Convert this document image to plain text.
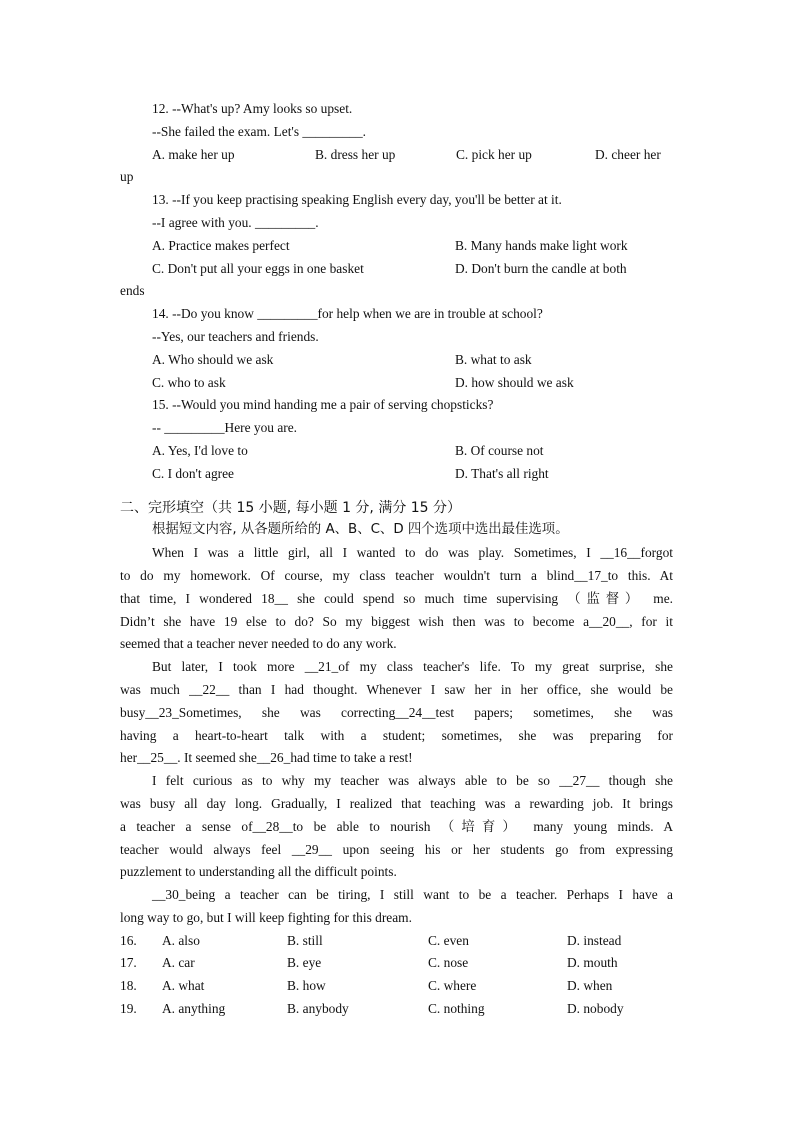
12. --What's up? Amy looks so upset.
--She failed the exam. Let's _________.
A. make her up	B. dress her up	C. pick her up	D. cheer her
up
13. --If you keep practising speaking English every day, you'll be better at it.
--I agree with you. _________.
A. Practice makes perfect	B. Many hands make light work
C. Don't put all your eggs in one basket	D. Don't burn the candle at both
ends
14. --Do you know _________for help when we are in trouble at school?
--Yes, our teachers and friends.
A. Who should we ask	B. what to ask
C. who to ask	D. how should we ask
15. --Would you mind handing me a pair of serving chopsticks?
-- _________Here you are.
A. Yes, I'd love to	B. Of course not
C. I don't agree	D. That's all right
二、完形填空（共 15 小题, 每小题 1 分, 满分 15 分）
根据短文内容, 从各题所给的 A、B、C、D 四个选项中选出最佳选项。
When I was a little girl, all I wanted to do was play. Sometimes, I __16__forgot
to do my homework. Of course, my class teacher wouldn't turn a blind__17_to this. At
that time, I wondered 18__ she could spend so much time supervising （监督） me.
Didn’t she have 19 else to do? So my biggest wish then was to become a__20__, for it
seemed that a teacher never needed to do any work.
But later, I took more __21_of my class teacher's life. To my great surprise, she
was much __22__ than I had thought. Whenever I saw her in her office, she would be
busy__23_Sometimes, she was correcting__24__test papers; sometimes, she was
having a heart-to-heart talk with a student; sometimes, she was preparing for
her__25__. It seemed she__26_had time to take a rest!
I felt curious as to why my teacher was always able to be so __27__ though she
was busy all day long. Gradually, I realized that teaching was a rewarding job. It brings
a teacher a sense of__28__to be able to nourish （培育） many young minds. A
teacher would always feel __29__ upon seeing his or her students go from expressing
puzzlement to understanding all the difficult points.
__30_being a teacher can be tiring, I still want to be a teacher. Perhaps I have a
long way to go, but I will keep fighting for this dream.
16.	A. also	B. still	C. even	D. instead
17.	A. car	B. eye	C. nose	D. mouth
18.	A. what	B. how	C. where	D. when
19.	A. anything	B. anybody	C. nothing	D. nobody
